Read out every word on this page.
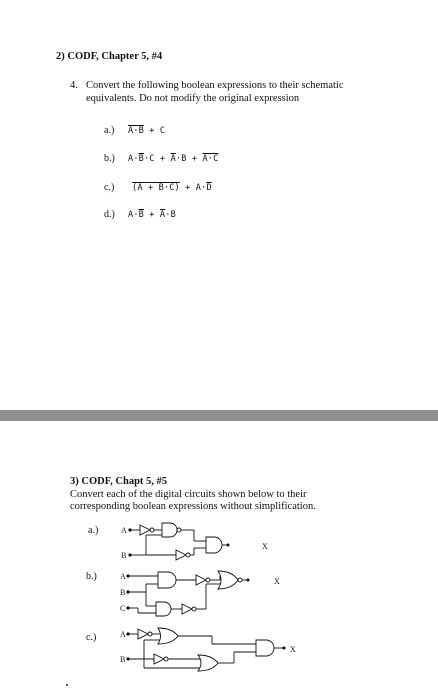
2) CODF, Chapter 5, #4
4. Convert the following boolean expressions to their schematic
equivalents. Do not modify the original expression
a.) A·B + C
b.) $A\cdot\overline{B}\cdot C + \overline{A}\cdot B + A\cdot C$
c.) $(A + B\cdot C) + A\cdot\overline{D}$
d.) $A\cdot\overline{B} + \overline{A}\cdot B$
3) CODF, Chapt 5, #5
Convert each of the digital circuits shown below to their
corresponding boolean expressions without simplification.
a.)	A
B
X
b.)	A
B
C
X
c.)	A
B
X
